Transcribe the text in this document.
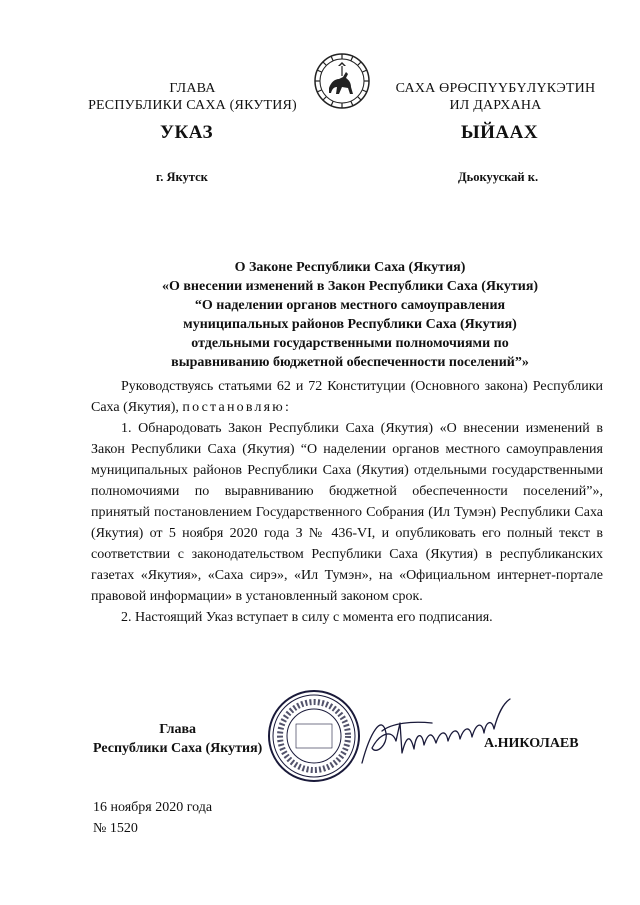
ГЛАВА
РЕСПУБЛИКИ САХА (ЯКУТИЯ)
САХА ӨРӨСПҮҮБҮЛҮКЭТИН
ИЛ ДАРХАНА
УКАЗ	ЫЙААХ
г. Якутск	Дьокуускай к.
О Законе Республики Саха (Якутия)
«О внесении изменений в Закон Республики Саха (Якутия)
“О наделении органов местного самоуправления
муниципальных районов Республики Саха (Якутия)
отдельными государственными полномочиями по
выравниванию бюджетной обеспеченности поселений”»

Руководствуясь статьями 62 и 72 Конституции (Основного закона) Республики Саха (Якутия), постановляю:

1. Обнародовать Закон Республики Саха (Якутия) «О внесении изменений в Закон Республики Саха (Якутия) “О наделении органов местного самоуправления муниципальных районов Республики Саха (Якутия) отдельными государственными полномочиями по выравниванию бюджетной обеспеченности поселений”», принятый постановлением Государственного Собрания (Ил Тумэн) Республики Саха (Якутия) от 5 ноября 2020 года З № 436-VI, и опубликовать его полный текст в соответствии с законодательством Республики Саха (Якутия) в республиканских газетах «Якутия», «Саха сирэ», «Ил Тумэн», на «Официальном интернет-портале правовой информации» в установленный законом срок.

2. Настоящий Указ вступает в силу с момента его подписания.

Глава
Республики Саха (Якутия)	А.НИКОЛАЕВ
16 ноября 2020 года
№ 1520
